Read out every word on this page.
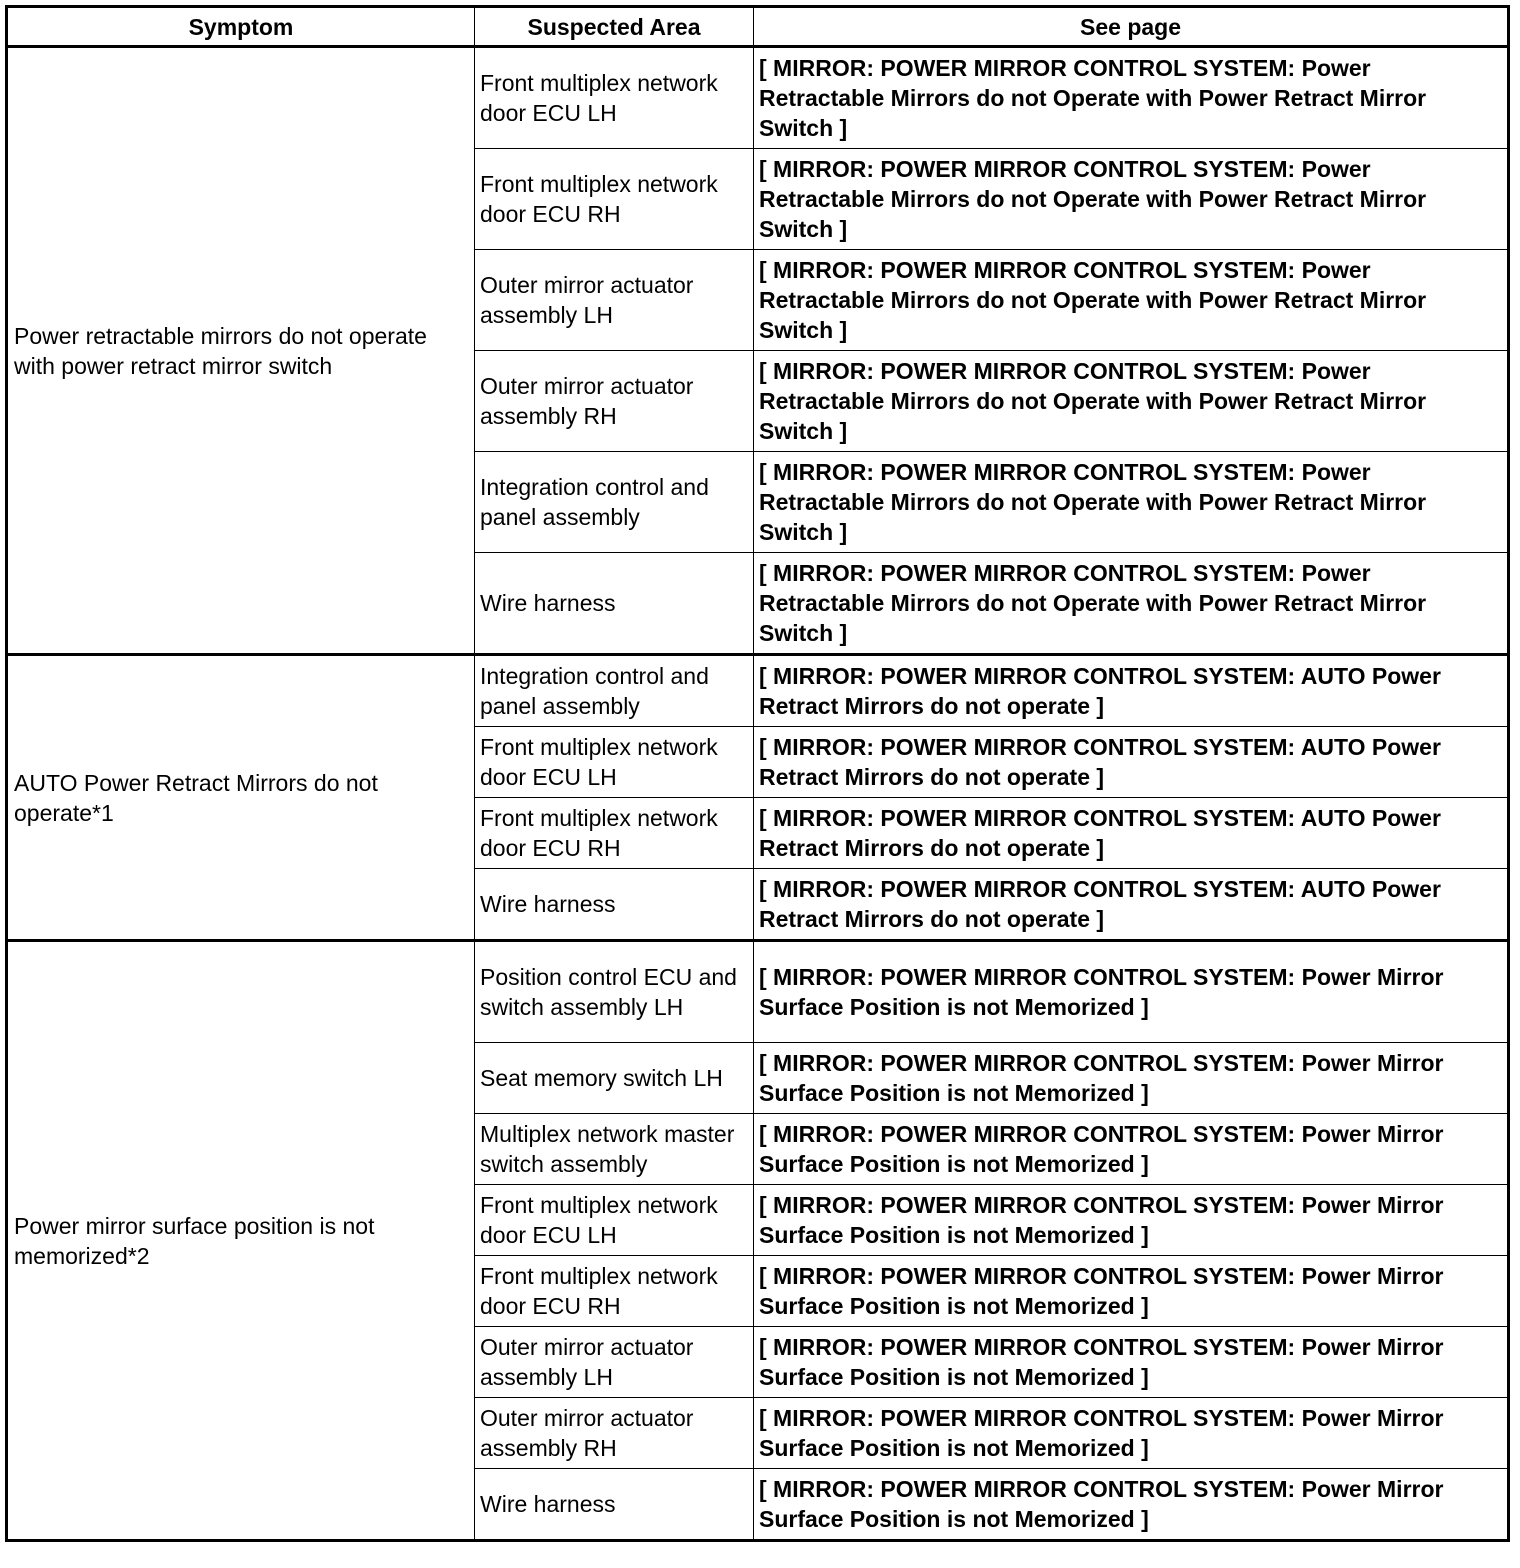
Symptom	Suspected Area	See page
Power retractable mirrors do not operate with power retract mirror switch	Front multiplex network door ECU LH	[ MIRROR: POWER MIRROR CONTROL SYSTEM: Power Retractable Mirrors do not Operate with Power Retract Mirror Switch ]
	Front multiplex network door ECU RH	[ MIRROR: POWER MIRROR CONTROL SYSTEM: Power Retractable Mirrors do not Operate with Power Retract Mirror Switch ]
	Outer mirror actuator assembly LH	[ MIRROR: POWER MIRROR CONTROL SYSTEM: Power Retractable Mirrors do not Operate with Power Retract Mirror Switch ]
	Outer mirror actuator assembly RH	[ MIRROR: POWER MIRROR CONTROL SYSTEM: Power Retractable Mirrors do not Operate with Power Retract Mirror Switch ]
	Integration control and panel assembly	[ MIRROR: POWER MIRROR CONTROL SYSTEM: Power Retractable Mirrors do not Operate with Power Retract Mirror Switch ]
	Wire harness	[ MIRROR: POWER MIRROR CONTROL SYSTEM: Power Retractable Mirrors do not Operate with Power Retract Mirror Switch ]
AUTO Power Retract Mirrors do not operate*1	Integration control and panel assembly	[ MIRROR: POWER MIRROR CONTROL SYSTEM: AUTO Power Retract Mirrors do not operate ]
	Front multiplex network door ECU LH	[ MIRROR: POWER MIRROR CONTROL SYSTEM: AUTO Power Retract Mirrors do not operate ]
	Front multiplex network door ECU RH	[ MIRROR: POWER MIRROR CONTROL SYSTEM: AUTO Power Retract Mirrors do not operate ]
	Wire harness	[ MIRROR: POWER MIRROR CONTROL SYSTEM: AUTO Power Retract Mirrors do not operate ]
Power mirror surface position is not memorized*2	Position control ECU and switch assembly LH	[ MIRROR: POWER MIRROR CONTROL SYSTEM: Power Mirror Surface Position is not Memorized ]
	Seat memory switch LH	[ MIRROR: POWER MIRROR CONTROL SYSTEM: Power Mirror Surface Position is not Memorized ]
	Multiplex network master switch assembly	[ MIRROR: POWER MIRROR CONTROL SYSTEM: Power Mirror Surface Position is not Memorized ]
	Front multiplex network door ECU LH	[ MIRROR: POWER MIRROR CONTROL SYSTEM: Power Mirror Surface Position is not Memorized ]
	Front multiplex network door ECU RH	[ MIRROR: POWER MIRROR CONTROL SYSTEM: Power Mirror Surface Position is not Memorized ]
	Outer mirror actuator assembly LH	[ MIRROR: POWER MIRROR CONTROL SYSTEM: Power Mirror Surface Position is not Memorized ]
	Outer mirror actuator assembly RH	[ MIRROR: POWER MIRROR CONTROL SYSTEM: Power Mirror Surface Position is not Memorized ]
	Wire harness	[ MIRROR: POWER MIRROR CONTROL SYSTEM: Power Mirror Surface Position is not Memorized ]
